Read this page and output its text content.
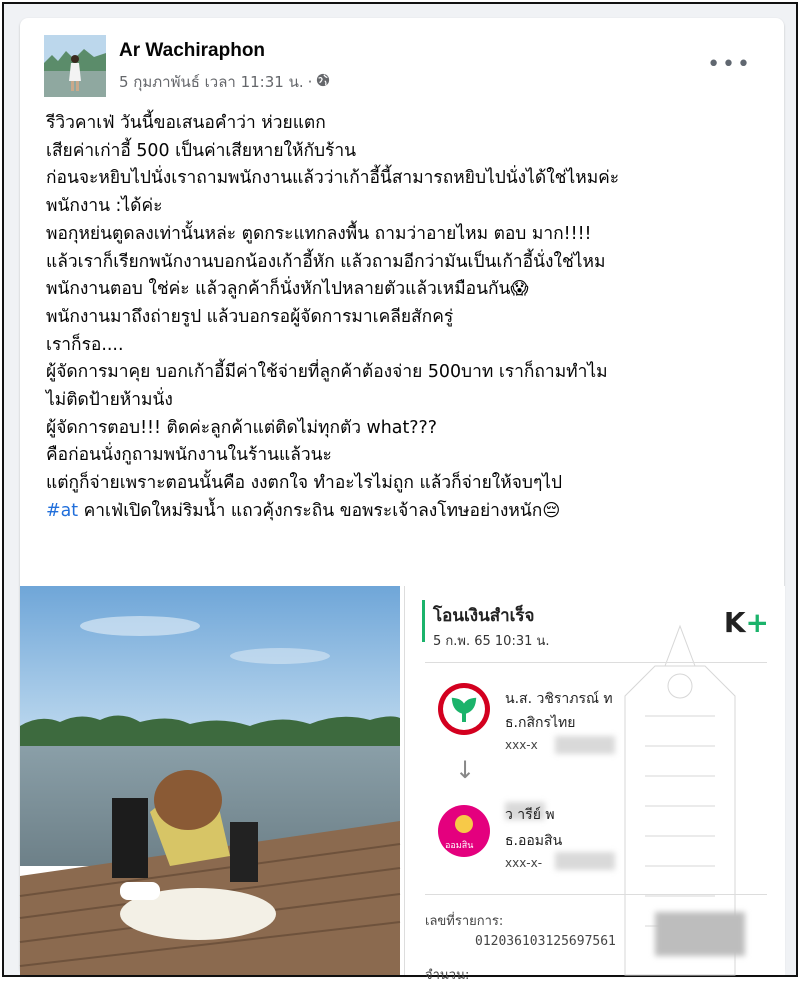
Ar Wachiraphon
5 กุมภาพันธ์ เวลา 11:31 น. ·
•••
รีวิวคาเฟ่ วันนี้ขอเสนอคำว่า ห่วยแตก
เสียค่าเก่าอี้ 500 เป็นค่าเสียหายให้กับร้าน
ก่อนจะหยิบไปนั่งเราถามพนักงานแล้วว่าเก้าอี้นี้สามารถหยิบไปนั่งได้ใช่ไหมค่ะ
พนักงาน :ได้ค่ะ
พอกุหย่นตูดลงเท่านั้นหล่ะ ตูดกระแทกลงพื้น ถามว่าอายไหม ตอบ มาก!!!!
แล้วเราก็เรียกพนักงานบอกน้องเก้าอี้หัก แล้วถามอีกว่ามันเป็นเก้าอี้นั่งใช่ไหม
พนักงานตอบ ใช่ค่ะ แล้วลูกค้าก็นั่งหักไปหลายตัวแล้วเหมือนกัน😱
พนักงานมาถึงถ่ายรูป แล้วบอกรอผู้จัดการมาเคลียสักครู่
เราก็รอ....
ผู้จัดการมาคุย บอกเก้าอี้มีค่าใช้จ่ายที่ลูกค้าต้องจ่าย 500บาท เราก็ถามทำไม
ไม่ติดป้ายห้ามนั่ง
ผู้จัดการตอบ!!! ติดค่ะลูกค้าแต่ติดไม่ทุกตัว what???
คือก่อนนั่งกูถามพนักงานในร้านแล้วนะ
แต่กูก็จ่ายเพราะตอนนั้นคือ งงตกใจ ทำอะไรไม่ถูก แล้วก็จ่ายให้จบๆไป
#at คาเฟ่เปิดใหม่ริมน้ำ แถวคุ้งกระถิน ขอพระเจ้าลงโทษอย่างหนัก😔
โอนเงินสำเร็จ
5 ก.พ. 65 10:31 น.
K+
น.ส. วชิราภรณ์ ท
ธ.กสิกรไทย
xxx-x
↓
ออมสิน
ว ารีย์ พ
ธ.ออมสิน
xxx-x-
เลขที่รายการ:
012036103125697561
จำนวน:
